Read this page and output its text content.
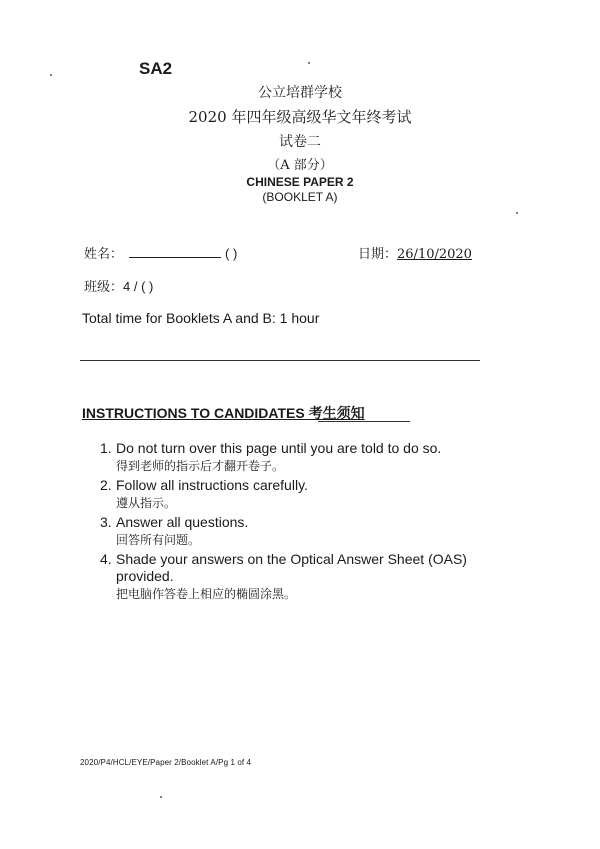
SA2
公立培群学校
2020 年四年级高级华文年终考试
试卷二
（A 部分）
CHINESE PAPER 2
(BOOKLET A)
姓名：	( )	日期：26/10/2020
班级：4 / ( )
Total time for Booklets A and B: 1 hour
INSTRUCTIONS TO CANDIDATES 考生须知
1. Do not turn over this page until you are told to do so.
得到老师的指示后才翻开卷子。
2. Follow all instructions carefully.
遵从指示。
3. Answer all questions.
回答所有问题。
4. Shade your answers on the Optical Answer Sheet (OAS) provided.
把电脑作答卷上相应的椭圆涂黑。
2020/P4/HCL/EYE/Paper 2/Booklet A/Pg 1 of 4
